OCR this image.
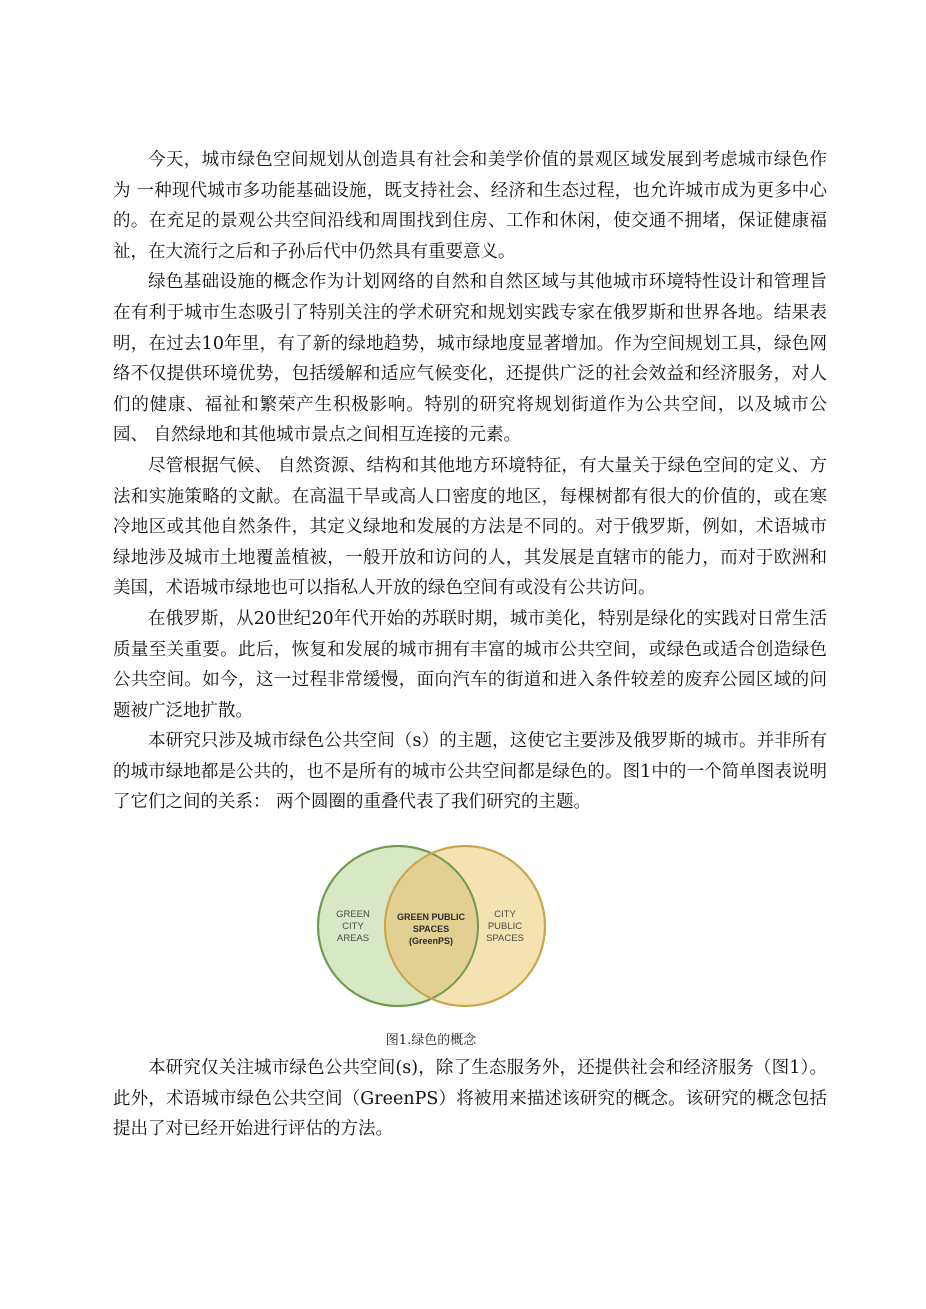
今天，城市绿色空间规划从创造具有社会和美学价值的景观区域发展到考虑城市绿色作为 一种现代城市多功能基础设施，既支持社会、经济和生态过程，也允许城市成为更多中心的。在充足的景观公共空间沿线和周围找到住房、工作和休闲，使交通不拥堵，保证健康福祉，在大流行之后和子孙后代中仍然具有重要意义。

绿色基础设施的概念作为计划网络的自然和自然区域与其他城市环境特性设计和管理旨在有利于城市生态吸引了特别关注的学术研究和规划实践专家在俄罗斯和世界各地。结果表明，在过去10年里，有了新的绿地趋势，城市绿地度显著增加。作为空间规划工具，绿色网络不仅提供环境优势，包括缓解和适应气候变化，还提供广泛的社会效益和经济服务，对人们的健康、福祉和繁荣产生积极影响。特别的研究将规划街道作为公共空间，以及城市公园、 自然绿地和其他城市景点之间相互连接的元素。

尽管根据气候、 自然资源、结构和其他地方环境特征，有大量关于绿色空间的定义、方法和实施策略的文献。在高温干旱或高人口密度的地区，每棵树都有很大的价值的，或在寒冷地区或其他自然条件，其定义绿地和发展的方法是不同的。对于俄罗斯，例如，术语城市绿地涉及城市土地覆盖植被，一般开放和访问的人，其发展是直辖市的能力，而对于欧洲和美国，术语城市绿地也可以指私人开放的绿色空间有或没有公共访问。

在俄罗斯，从20世纪20年代开始的苏联时期，城市美化，特别是绿化的实践对日常生活质量至关重要。此后，恢复和发展的城市拥有丰富的城市公共空间，或绿色或适合创造绿色公共空间。如今，这一过程非常缓慢，面向汽车的街道和进入条件较差的废弃公园区域的问题被广泛地扩散。

本研究只涉及城市绿色公共空间（s）的主题，这使它主要涉及俄罗斯的城市。并非所有的城市绿地都是公共的，也不是所有的城市公共空间都是绿色的。图1中的一个简单图表说明 了它们之间的关系： 两个圆圈的重叠代表了我们研究的主题。

GREEN
CITY
AREAS
GREEN PUBLIC
SPACES
(GreenPS)
CITY
PUBLIC
SPACES
图1.绿色的概念

本研究仅关注城市绿色公共空间(s)，除了生态服务外，还提供社会和经济服务（图1）。此外，术语城市绿色公共空间（GreenPS）将被用来描述该研究的概念。该研究的概念包括提出了对已经开始进行评估的方法。
